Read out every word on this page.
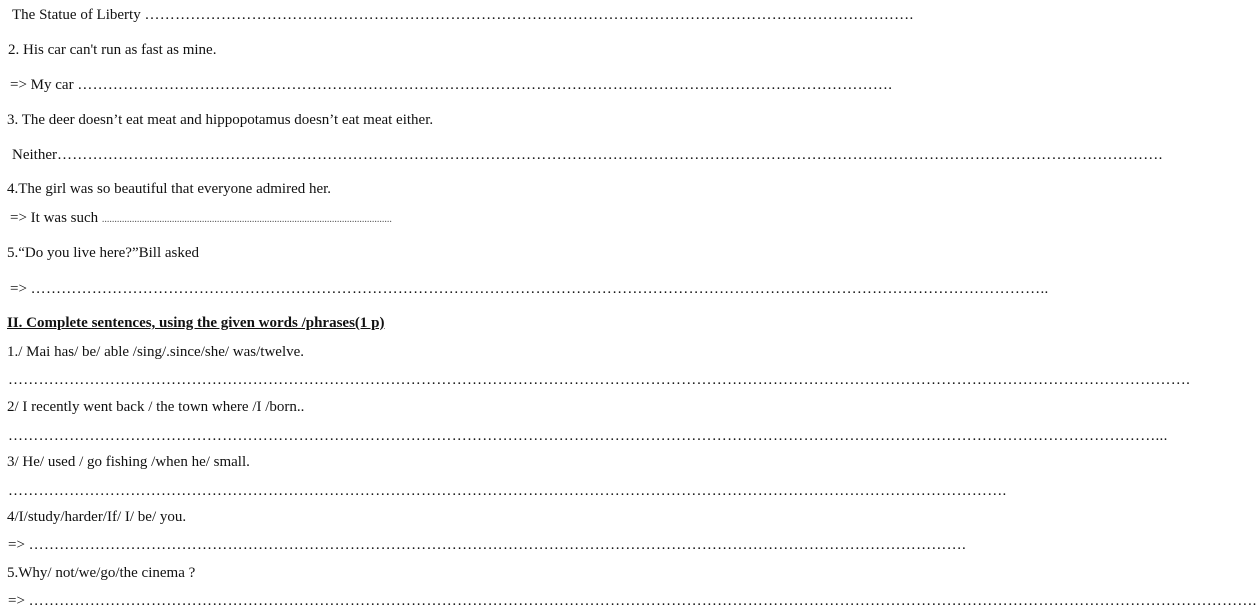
The Statue of Liberty …………………………………………………………………………………………………………………………………….
2. His car can't run as fast as mine.
=> My car …………………………………………………………………………………………………………………………………………….
3. The deer doesn’t eat meat and hippopotamus doesn’t eat meat either.
Neither……………………………………………………………………………………………………………………………………………………………………………………………….
4.The girl was so beautiful that everyone admired her.
=> It was such ....................................................................................................................
5.“Do you live here?”Bill asked
=> ………………………………………………………………………………………………………………………………………………………………………………..
II. Complete sentences, using the given words /phrases(1 p)
1./ Mai has/ be/ able /sing/.since/she/ was/twelve.
…………………………………………………………………………………………………………………………………………………………………………………………………………….
2/ I recently went back / the town where /I /born..
………………………………………………………………………………………………………………………………………………………………………………………………………...
3/ He/ used / go fishing /when he/ small.
…………………………………………………………………………………………………………………………………………………………………………….
4/I/study/harder/If/ I/ be/ you.
=> ………………………………………………………………………………………………………………………………………………………………….
5.Why/ not/we/go/the cinema ?
=> …………………………………………………………………………………………………………………………………………………………………………………………………………………….
